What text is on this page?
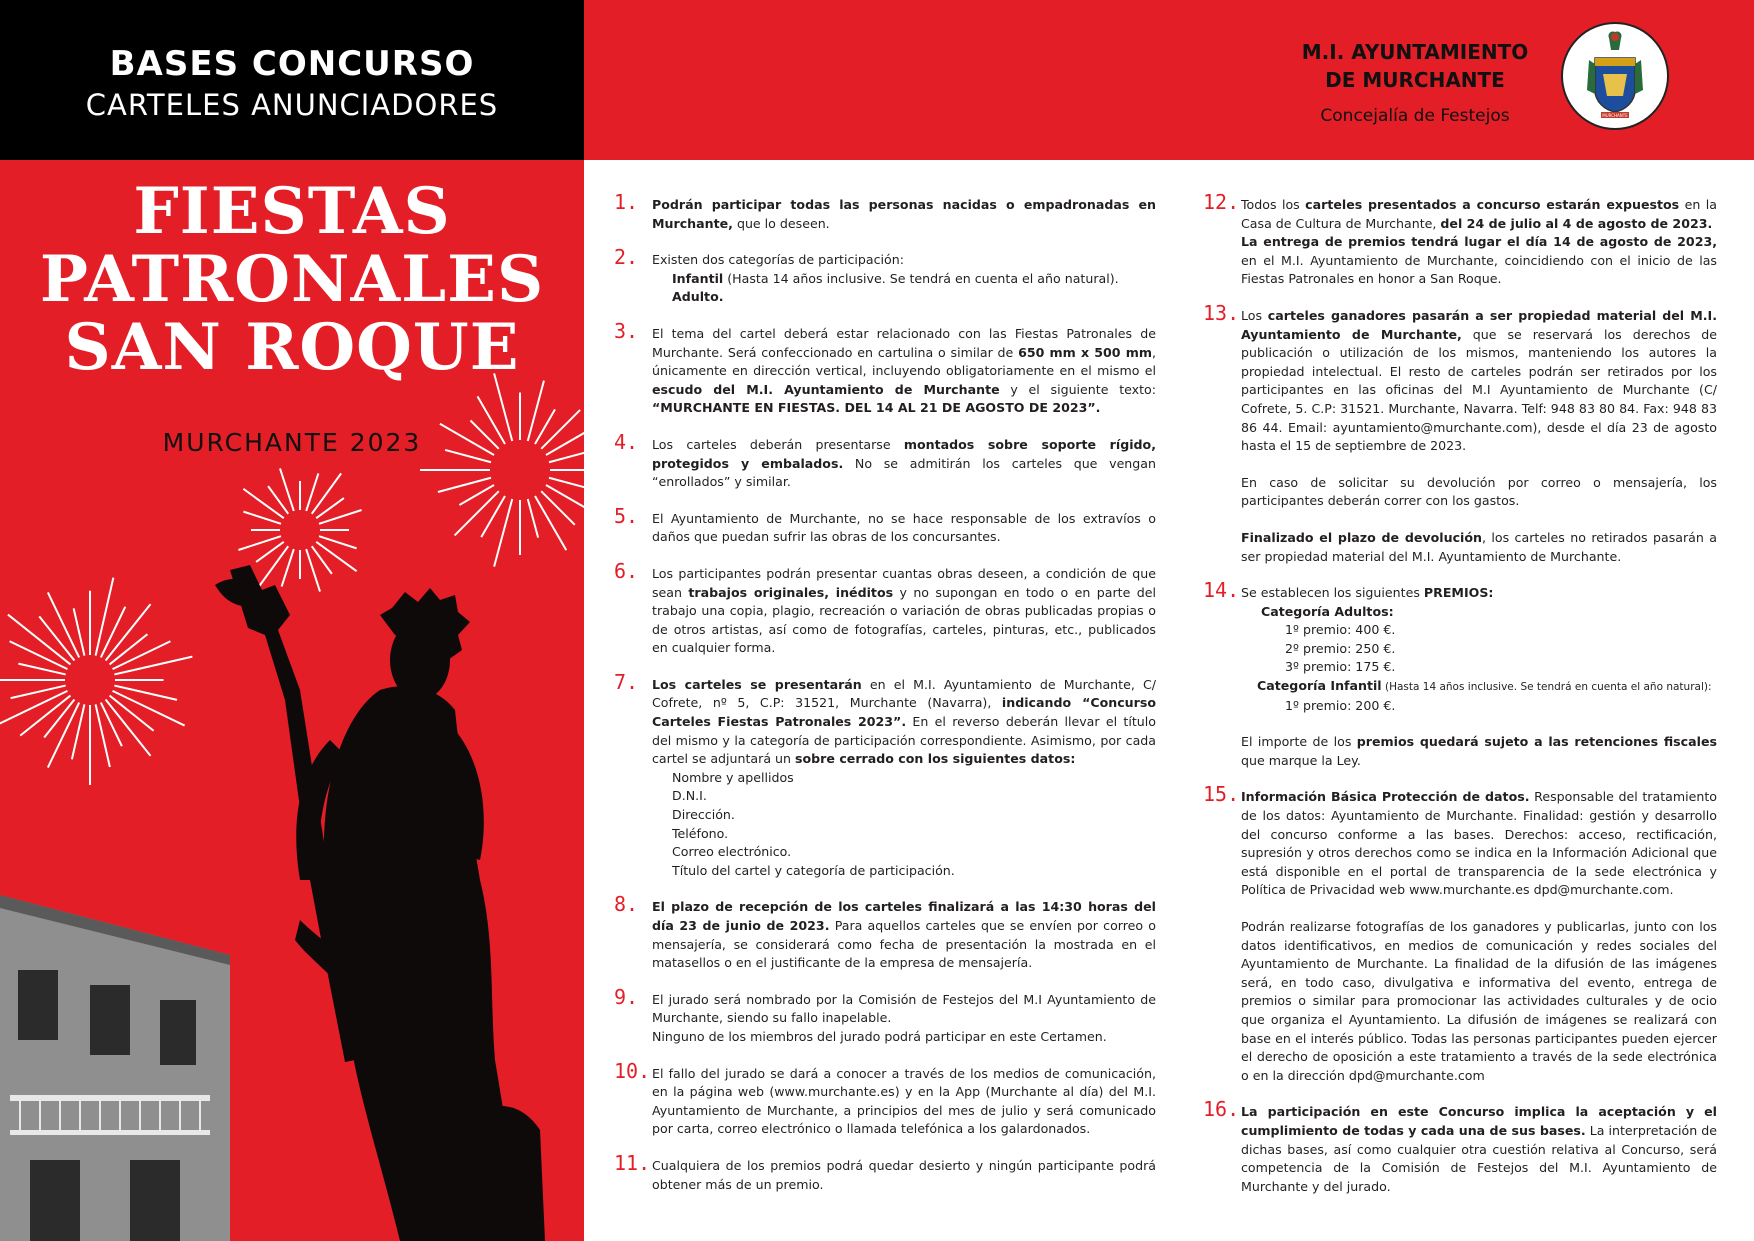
BASES CONCURSO
CARTELES ANUNCIADORES
FIESTAS
PATRONALES
SAN ROQUE
MURCHANTE 2023
M.I. AYUNTAMIENTO
DE MURCHANTE
Concejalía de Festejos	MURCHANTE
1. Podrán participar todas las personas nacidas o empadronadas en Murchante, que lo deseen.
2. Existen dos categorías de participación:
Infantil (Hasta 14 años inclusive. Se tendrá en cuenta el año natural).
Adulto.
3. El tema del cartel deberá estar relacionado con las Fiestas Patronales de Murchante. Será confeccionado en cartulina o similar de 650 mm x 500 mm, únicamente en dirección vertical, incluyendo obligatoriamente en el mismo el escudo del M.I. Ayuntamiento de Murchante y el siguiente texto: “MURCHANTE EN FIESTAS. DEL 14 AL 21 DE AGOSTO DE 2023”.
4. Los carteles deberán presentarse montados sobre soporte rígido, protegidos y embalados. No se admitirán los carteles que vengan “enrollados” y similar.
5. El Ayuntamiento de Murchante, no se hace responsable de los extravíos o daños que puedan sufrir las obras de los concursantes.
6. Los participantes podrán presentar cuantas obras deseen, a condición de que sean trabajos originales, inéditos y no supongan en todo o en parte del trabajo una copia, plagio, recreación o variación de obras publicadas propias o de otros artistas, así como de fotografías, carteles, pinturas, etc., publicados en cualquier forma.
7. Los carteles se presentarán en el M.I. Ayuntamiento de Murchante, C/ Cofrete, nº 5, C.P: 31521, Murchante (Navarra), indicando “Concurso Carteles Fiestas Patronales 2023”. En el reverso deberán llevar el título del mismo y la categoría de participación correspondiente. Asimismo, por cada cartel se adjuntará un sobre cerrado con los siguientes datos:
Nombre y apellidos
D.N.I.
Dirección.
Teléfono.
Correo electrónico.
Título del cartel y categoría de participación.
8. El plazo de recepción de los carteles finalizará a las 14:30 horas del día 23 de junio de 2023. Para aquellos carteles que se envíen por correo o mensajería, se considerará como fecha de presentación la mostrada en el matasellos o en el justificante de la empresa de mensajería.
9. El jurado será nombrado por la Comisión de Festejos del M.I Ayuntamiento de Murchante, siendo su fallo inapelable.
Ninguno de los miembros del jurado podrá participar en este Certamen.
10. El fallo del jurado se dará a conocer a través de los medios de comunicación, en la página web (www.murchante.es) y en la App (Murchante al día) del M.I. Ayuntamiento de Murchante, a principios del mes de julio y será comunicado por carta, correo electrónico o llamada telefónica a los galardonados.
11. Cualquiera de los premios podrá quedar desierto y ningún participante podrá obtener más de un premio.
12. Todos los carteles presentados a concurso estarán expuestos en la Casa de Cultura de Murchante, del 24 de julio al 4 de agosto de 2023.
La entrega de premios tendrá lugar el día 14 de agosto de 2023, en el M.I. Ayuntamiento de Murchante, coincidiendo con el inicio de las Fiestas Patronales en honor a San Roque.
13. Los carteles ganadores pasarán a ser propiedad material del M.I. Ayuntamiento de Murchante, que se reservará los derechos de publicación o utilización de los mismos, manteniendo los autores la propiedad intelectual. El resto de carteles podrán ser retirados por los participantes en las oficinas del M.I Ayuntamiento de Murchante (C/ Cofrete, 5. C.P: 31521. Murchante, Navarra. Telf: 948 83 80 84. Fax: 948 83 86 44. Email: ayuntamiento@murchante.com), desde el día 23 de agosto hasta el 15 de septiembre de 2023.
En caso de solicitar su devolución por correo o mensajería, los participantes deberán correr con los gastos.
Finalizado el plazo de devolución, los carteles no retirados pasarán a ser propiedad material del M.I. Ayuntamiento de Murchante.
14. Se establecen los siguientes PREMIOS:
Categoría Adultos:
1º premio: 400 €.
2º premio: 250 €.
3º premio: 175 €.
Categoría Infantil (Hasta 14 años inclusive. Se tendrá en cuenta el año natural):
1º premio: 200 €.
El importe de los premios quedará sujeto a las retenciones fiscales que marque la Ley.
15. Información Básica Protección de datos. Responsable del tratamiento de los datos: Ayuntamiento de Murchante. Finalidad: gestión y desarrollo del concurso conforme a las bases. Derechos: acceso, rectificación, supresión y otros derechos como se indica en la Información Adicional que está disponible en el portal de transparencia de la sede electrónica y Política de Privacidad web www.murchante.es dpd@murchante.com.
Podrán realizarse fotografías de los ganadores y publicarlas, junto con los datos identificativos, en medios de comunicación y redes sociales del Ayuntamiento de Murchante. La finalidad de la difusión de las imágenes será, en todo caso, divulgativa e informativa del evento, entrega de premios o similar para promocionar las actividades culturales y de ocio que organiza el Ayuntamiento. La difusión de imágenes se realizará con base en el interés público. Todas las personas participantes pueden ejercer el derecho de oposición a este tratamiento a través de la sede electrónica o en la dirección dpd@murchante.com
16. La participación en este Concurso implica la aceptación y el cumplimiento de todas y cada una de sus bases. La interpretación de dichas bases, así como cualquier otra cuestión relativa al Concurso, será competencia de la Comisión de Festejos del M.I. Ayuntamiento de Murchante y del jurado.
